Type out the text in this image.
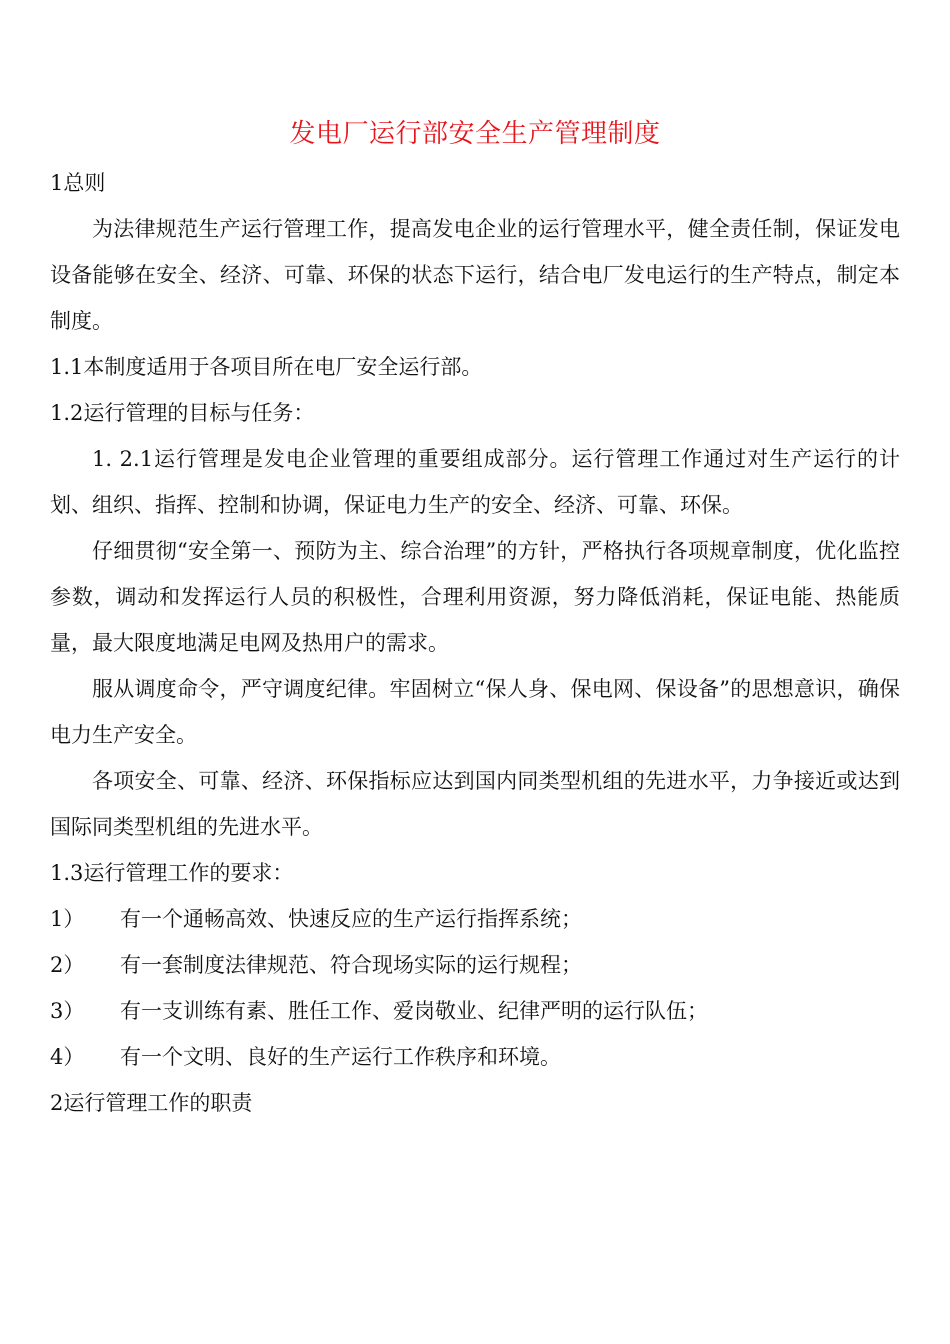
发电厂运行部安全生产管理制度

1总则

为法律规范生产运行管理工作，提高发电企业的运行管理水平，健全责任制，保证发电设备能够在安全、经济、可靠、环保的状态下运行，结合电厂发电运行的生产特点，制定本制度。

1.1本制度适用于各项目所在电厂安全运行部。

1.2运行管理的目标与任务：

1. 2.1运行管理是发电企业管理的重要组成部分。运行管理工作通过对生产运行的计划、组织、指挥、控制和协调，保证电力生产的安全、经济、可靠、环保。

仔细贯彻“安全第一、预防为主、综合治理”的方针，严格执行各项规章制度，优化监控参数，调动和发挥运行人员的积极性，合理利用资源，努力降低消耗，保证电能、热能质量，最大限度地满足电网及热用户的需求。

服从调度命令，严守调度纪律。牢固树立“保人身、保电网、保设备”的思想意识，确保电力生产安全。

各项安全、可靠、经济、环保指标应达到国内同类型机组的先进水平，力争接近或达到国际同类型机组的先进水平。

1.3运行管理工作的要求：

1） 有一个通畅高效、快速反应的生产运行指挥系统；

2） 有一套制度法律规范、符合现场实际的运行规程；

3） 有一支训练有素、胜任工作、爱岗敬业、纪律严明的运行队伍；

4） 有一个文明、良好的生产运行工作秩序和环境。

2运行管理工作的职责
